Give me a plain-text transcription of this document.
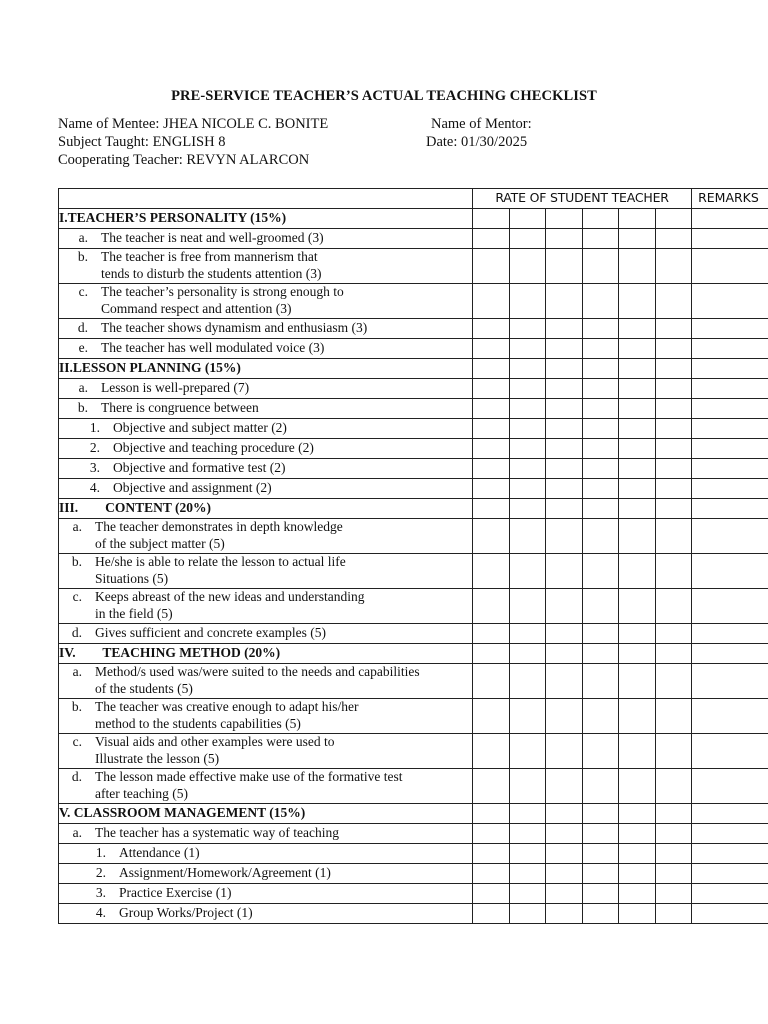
PRE-SERVICE TEACHER’S ACTUAL TEACHING CHECKLIST
Name of Mentee: JHEA NICOLE C. BONITE	Name of Mentor:
Subject Taught: ENGLISH 8	Date: 01/30/2025
Cooperating Teacher: REVYN ALARCON
	RATE OF STUDENT TEACHER						REMARKS
I.TEACHER’S PERSONALITY (15%)							

a. The teacher is neat and well-groomed (3)							

b. The teacher is free from mannerism that
tends to disturb the students attention (3)							

c. The teacher’s personality is strong enough to
Command respect and attention (3)							

d. The teacher shows dynamism and enthusiasm (3)							

e. The teacher has well modulated voice (3)							

II.LESSON PLANNING (15%)							

a. Lesson is well-prepared (7)							

b. There is congruence between							

1. Objective and subject matter (2)							

2. Objective and teaching procedure (2)							

3. Objective and formative test (2)							

4. Objective and assignment (2)							

III.        CONTENT (20%)							

a. The teacher demonstrates in depth knowledge
of the subject matter (5)							

b. He/she is able to relate the lesson to actual life
Situations (5)							

c. Keeps abreast of the new ideas and understanding
in the field (5)							

d. Gives sufficient and concrete examples (5)							

IV.        TEACHING METHOD (20%)							

a. Method/s used was/were suited to the needs and capabilities
of the students (5)							

b. The teacher was creative enough to adapt his/her
method to the students capabilities (5)							

c. Visual aids and other examples were used to
Illustrate the lesson (5)							

d. The lesson made effective make use of the formative test
after teaching (5)							

V. CLASSROOM MANAGEMENT (15%)							

a. The teacher has a systematic way of teaching							

1. Attendance (1)							

2. Assignment/Homework/Agreement (1)							

3. Practice Exercise (1)							

4. Group Works/Project (1)							
